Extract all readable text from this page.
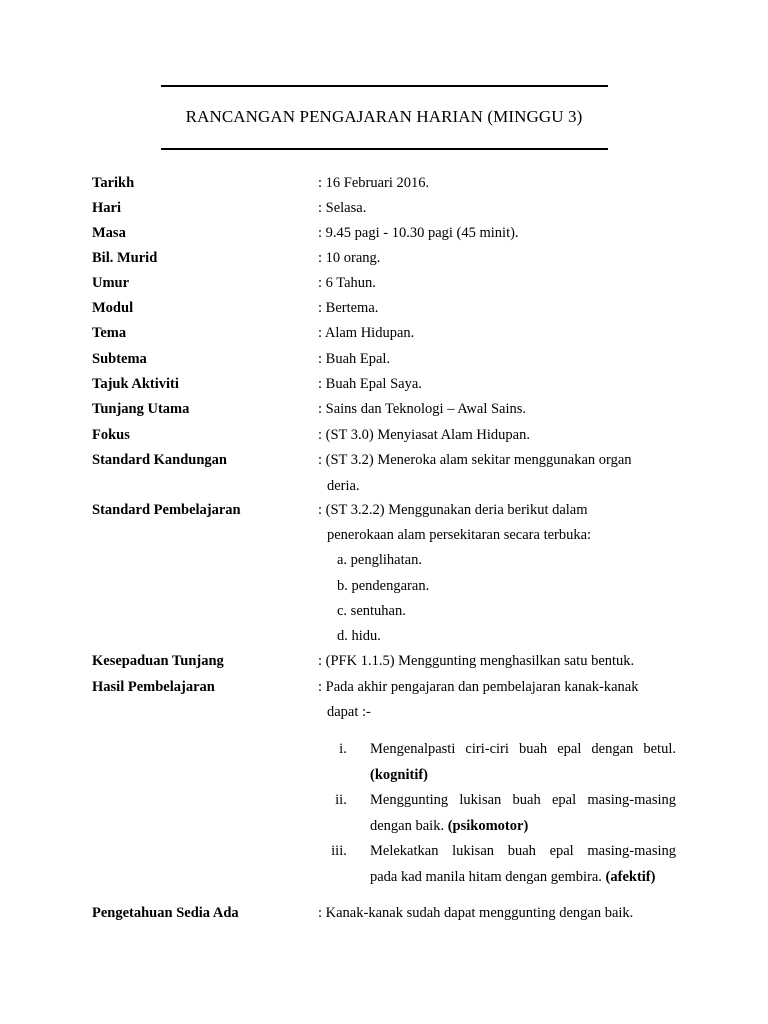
RANCANGAN PENGAJARAN HARIAN (MINGGU 3)
Tarikh	: 16 Februari 2016.
Hari	: Selasa.
Masa	: 9.45 pagi - 10.30 pagi (45 minit).
Bil. Murid	: 10 orang.
Umur	: 6 Tahun.
Modul	: Bertema.
Tema	: Alam Hidupan.
Subtema	: Buah Epal.
Tajuk Aktiviti	: Buah Epal Saya.
Tunjang Utama	: Sains dan Teknologi – Awal Sains.
Fokus	: (ST 3.0) Menyiasat Alam Hidupan.
Standard Kandungan	: (ST 3.2) Meneroka alam sekitar menggunakan organ
deria.
Standard Pembelajaran	: (ST 3.2.2) Menggunakan deria berikut dalam
penerokaan alam persekitaran secara terbuka:
a. penglihatan.
b. pendengaran.
c. sentuhan.
d. hidu.
Kesepaduan Tunjang	: (PFK 1.1.5) Menggunting menghasilkan satu bentuk.
Hasil Pembelajaran	: Pada akhir pengajaran dan pembelajaran kanak-kanak
dapat :-
i.	Mengenalpasti ciri-ciri buah epal dengan betul.
(kognitif)
ii.	Menggunting lukisan buah epal masing-masing
dengan baik. (psikomotor)
iii.	Melekatkan lukisan buah epal masing-masing
pada kad manila hitam dengan gembira. (afektif)
Pengetahuan Sedia Ada	: Kanak-kanak sudah dapat menggunting dengan baik.
